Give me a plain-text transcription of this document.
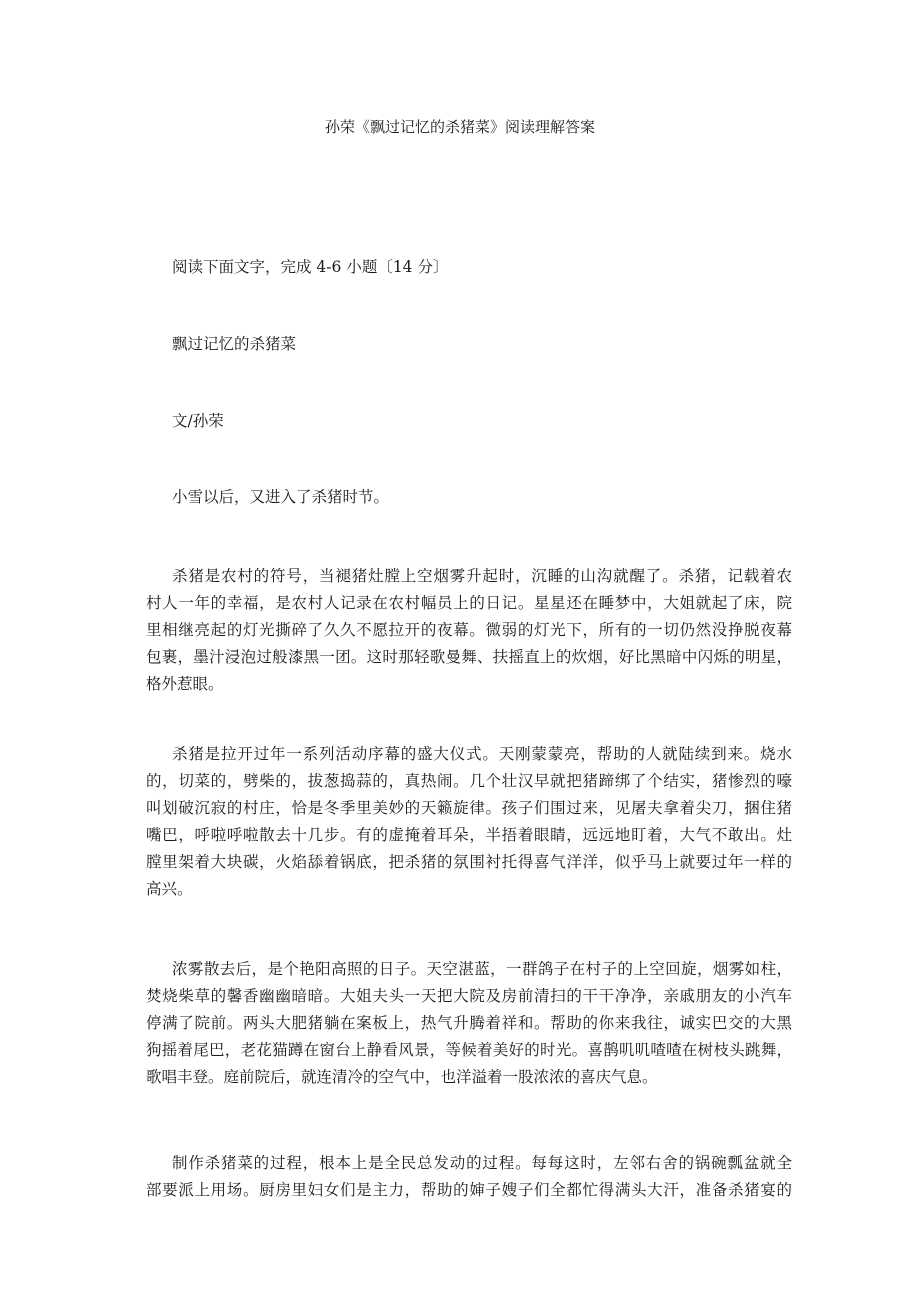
孙荣《飘过记忆的杀猪菜》阅读理解答案
阅读下面文字，完成 4-6 小题〔14 分〕
飘过记忆的杀猪菜
文/孙荣
小雪以后，又进入了杀猪时节。
杀猪是农村的符号，当褪猪灶膛上空烟雾升起时，沉睡的山沟就醒了。杀猪，记载着农
村人一年的幸福，是农村人记录在农村幅员上的日记。星星还在睡梦中，大姐就起了床，院
里相继亮起的灯光撕碎了久久不愿拉开的夜幕。微弱的灯光下，所有的一切仍然没挣脱夜幕
包裹，墨汁浸泡过般漆黑一团。这时那轻歌曼舞、扶摇直上的炊烟，好比黑暗中闪烁的明星，
格外惹眼。
杀猪是拉开过年一系列活动序幕的盛大仪式。天刚蒙蒙亮，帮助的人就陆续到来。烧水
的，切菜的，劈柴的，拔葱捣蒜的，真热闹。几个壮汉早就把猪蹄绑了个结实，猪惨烈的嚎
叫划破沉寂的村庄，恰是冬季里美妙的天籁旋律。孩子们围过来，见屠夫拿着尖刀，捆住猪
嘴巴，呼啦呼啦散去十几步。有的虚掩着耳朵，半捂着眼睛，远远地盯着，大气不敢出。灶
膛里架着大块碳，火焰舔着锅底，把杀猪的氛围衬托得喜气洋洋，似乎马上就要过年一样的
高兴。
浓雾散去后，是个艳阳高照的日子。天空湛蓝，一群鸽子在村子的上空回旋，烟雾如柱，
焚烧柴草的馨香幽幽暗暗。大姐夫头一天把大院及房前清扫的干干净净，亲戚朋友的小汽车
停满了院前。两头大肥猪躺在案板上，热气升腾着祥和。帮助的你来我往，诚实巴交的大黑
狗摇着尾巴，老花猫蹲在窗台上静看风景，等候着美好的时光。喜鹊叽叽喳喳在树枝头跳舞，
歌唱丰登。庭前院后，就连清冷的空气中，也洋溢着一股浓浓的喜庆气息。
制作杀猪菜的过程，根本上是全民总发动的过程。每每这时，左邻右舍的锅碗瓢盆就全
部要派上用场。厨房里妇女们是主力，帮助的婶子嫂子们全都忙得满头大汗，准备杀猪宴的
